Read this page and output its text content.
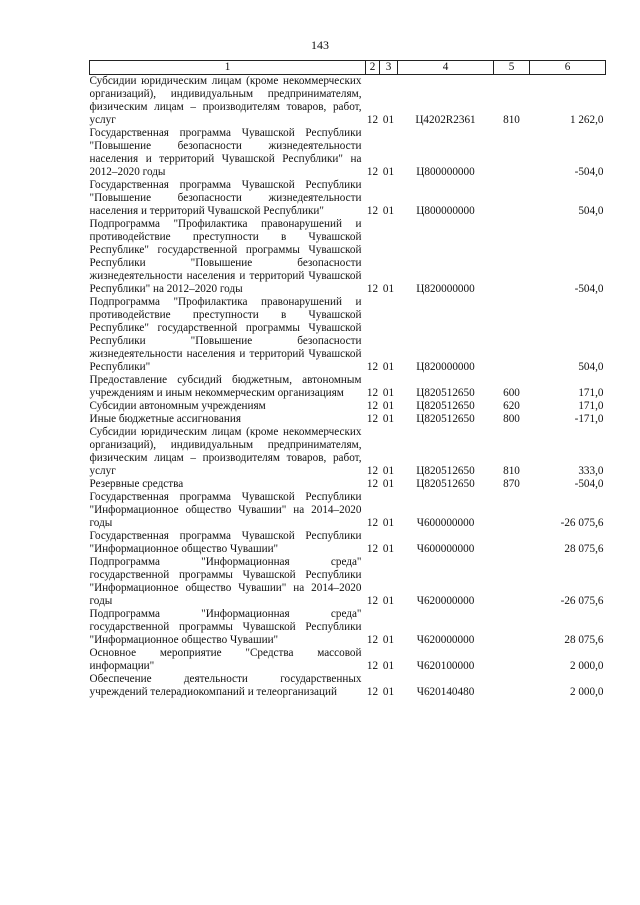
143
1	2	3	4	5	6
Субсидии юридическим лицам (кроме некоммерческих организаций), индивидуальным предпринимателям, физическим лицам – производителям товаров, работ, услуг	12	01	Ц4202R2361	810	1 262,0
Государственная программа Чувашской Республики "Повышение безопасности жизнедеятельности населения и территорий Чувашской Республики" на 2012–2020 годы	12	01	Ц800000000		-504,0
Государственная программа Чувашской Республики "Повышение безопасности жизнедеятельности населения и территорий Чувашской Республики"	12	01	Ц800000000		504,0
Подпрограмма "Профилактика правонарушений и противодействие преступности в Чувашской Республике" государственной программы Чувашской Республики "Повышение безопасности жизнедеятельности населения и территорий Чувашской Республики" на 2012–2020 годы	12	01	Ц820000000		-504,0
Подпрограмма "Профилактика правонарушений и противодействие преступности в Чувашской Республике" государственной программы Чувашской Республики "Повышение безопасности жизнедеятельности населения и территорий Чувашской Республики"	12	01	Ц820000000		504,0
Предоставление субсидий бюджетным, автономным учреждениям и иным некоммерческим организациям	12	01	Ц820512650	600	171,0
Субсидии автономным учреждениям	12	01	Ц820512650	620	171,0
Иные бюджетные ассигнования	12	01	Ц820512650	800	-171,0
Субсидии юридическим лицам (кроме некоммерческих организаций), индивидуальным предпринимателям, физическим лицам – производителям товаров, работ, услуг	12	01	Ц820512650	810	333,0
Резервные средства	12	01	Ц820512650	870	-504,0
Государственная программа Чувашской Республики "Информационное общество Чувашии" на 2014–2020 годы	12	01	Ч600000000		-26 075,6
Государственная программа Чувашской Республики "Информационное общество Чувашии"	12	01	Ч600000000		28 075,6
Подпрограмма "Информационная среда" государственной программы Чувашской Республики "Информационное общество Чувашии" на 2014–2020 годы	12	01	Ч620000000		-26 075,6
Подпрограмма "Информационная среда" государственной программы Чувашской Республики "Информационное общество Чувашии"	12	01	Ч620000000		28 075,6
Основное мероприятие "Средства массовой информации"	12	01	Ч620100000		2 000,0
Обеспечение деятельности государственных учреждений телерадиокомпаний и телеорганизаций	12	01	Ч620140480		2 000,0
